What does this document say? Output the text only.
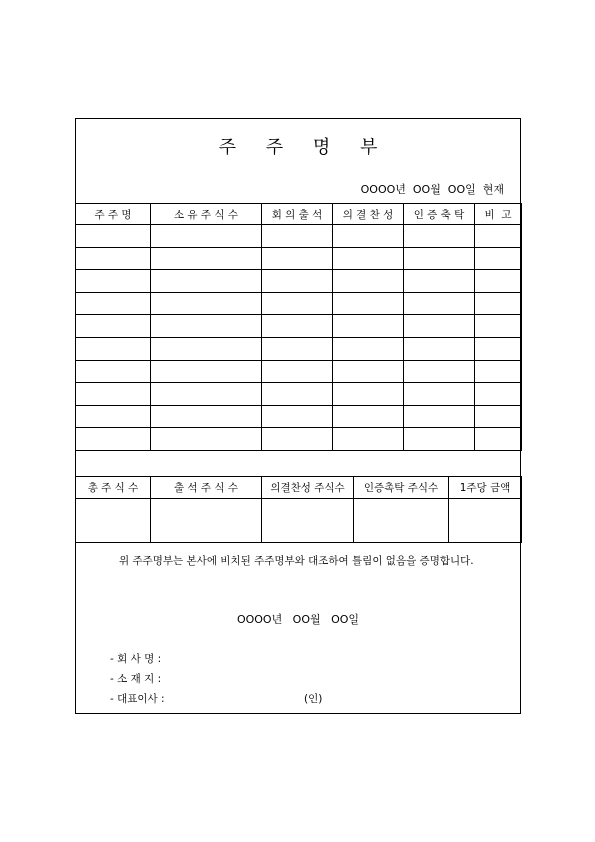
주 주 명 부
OOOO년  OO월  OO일  현재
주 주 명	소 유 주 식 수	회 의 출 석	의 결 찬 성	인 증 축 탁	비  고

총 주 식 수	출 석 주 식 수	의결찬성 주식수	인증촉탁 주식수	1주당 금액

위 주주명부는 본사에 비치된 주주명부와 대조하여 틀림이 없음을 증명합니다.
OOOO년   OO월   OO일
- 회 사 명 :
- 소 재 지 :
- 대표이사 :	(인)
